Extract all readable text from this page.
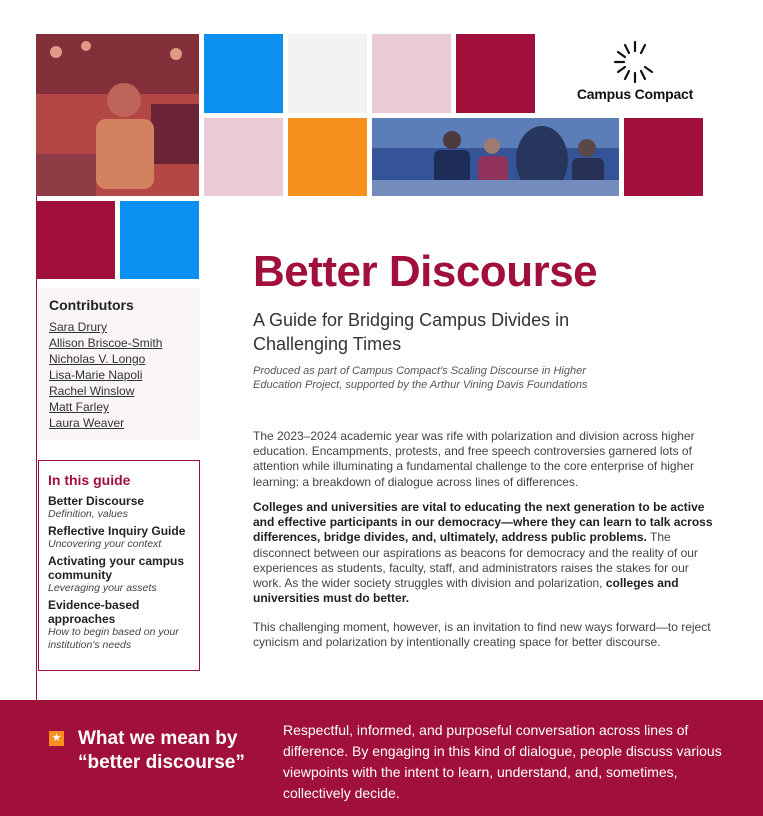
Campus Compact
Better Discourse
A Guide for Bridging Campus Divides in Challenging Times
Produced as part of Campus Compact's Scaling Discourse in Higher Education Project, supported by the Arthur Vining Davis Foundations
Contributors
Sara Drury
Allison Briscoe-Smith
Nicholas V. Longo
Lisa-Marie Napoli
Rachel Winslow
Matt Farley
Laura Weaver
In this guide
Better Discourse
Definition, values
Reflective Inquiry Guide
Uncovering your context
Activating your campus community
Leveraging your assets
Evidence-based approaches
How to begin based on your institution's needs

The 2023–2024 academic year was rife with polarization and division across higher education. Encampments, protests, and free speech controversies garnered lots of attention while illuminating a fundamental challenge to the core enterprise of higher learning: a breakdown of dialogue across lines of differences.

Colleges and universities are vital to educating the next generation to be active and effective participants in our democracy—where they can learn to talk across differences, bridge divides, and, ultimately, address public problems. The disconnect between our aspirations as beacons for democracy and the reality of our experiences as students, faculty, staff, and administrators raises the stakes for our work. As the wider society struggles with division and polarization, colleges and universities must do better.

This challenging moment, however, is an invitation to find new ways forward—to reject cynicism and polarization by intentionally creating space for better discourse.

★ What we mean by “better discourse”
Respectful, informed, and purposeful conversation across lines of difference. By engaging in this kind of dialogue, people discuss various viewpoints with the intent to learn, understand, and, sometimes, collectively decide.
